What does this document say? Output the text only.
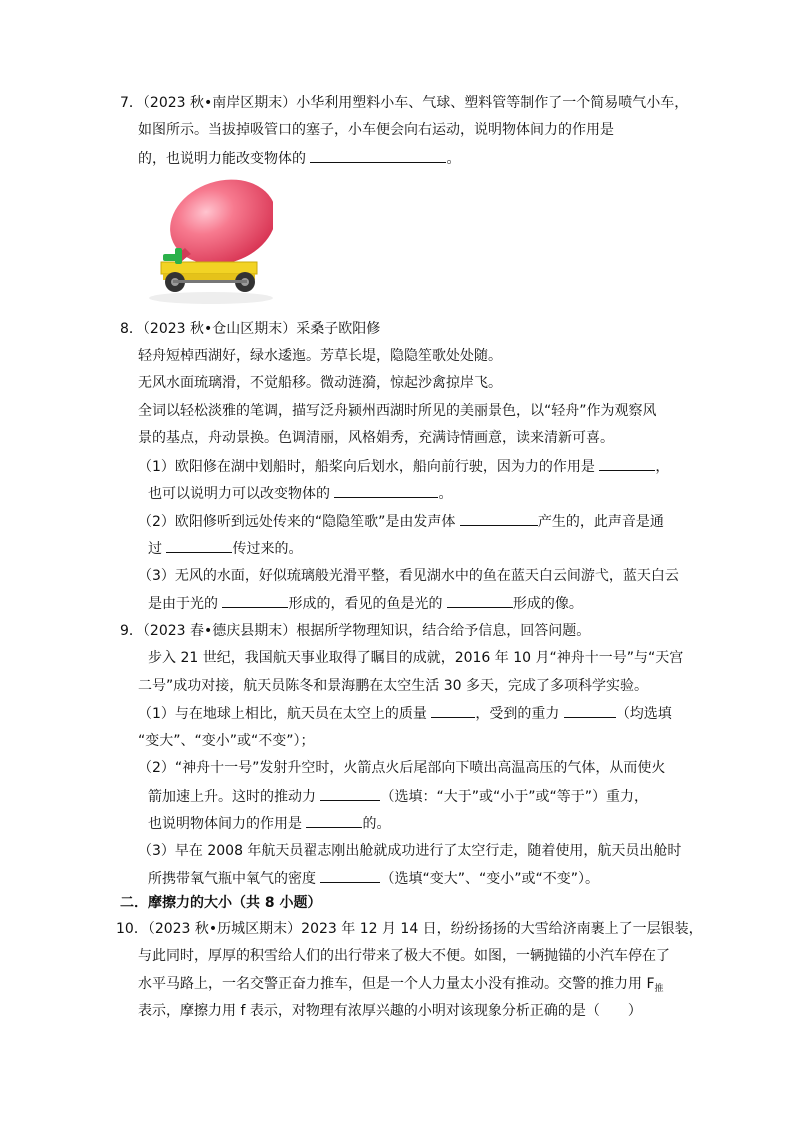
7．（2023 秋•南岸区期末）小华利用塑料小车、气球、塑料管等制作了一个简易喷气小车，
如图所示。当拔掉吸管口的塞子，小车便会向右运动，说明物体间力的作用是
的，也说明力能改变物体的	。
8．（2023 秋•仓山区期末）采桑子欧阳修
轻舟短棹西湖好，绿水逶迤。芳草长堤，隐隐笙歌处处随。
无风水面琉璃滑，不觉船移。微动涟漪，惊起沙禽掠岸飞。
全词以轻松淡雅的笔调，描写泛舟颍州西湖时所见的美丽景色，以“轻舟”作为观察风
景的基点，舟动景换。色调清丽，风格娟秀，充满诗情画意，读来清新可喜。
（1）欧阳修在湖中划船时，船桨向后划水，船向前行驶，因为力的作用是	，
也可以说明力可以改变物体的	。
（2）欧阳修听到远处传来的“隐隐笙歌”是由发声体	产生的，此声音是通
过	传过来的。
（3）无风的水面，好似琉璃般光滑平整，看见湖水中的鱼在蓝天白云间游弋，蓝天白云
是由于光的	形成的，看见的鱼是光的	形成的像。
9．（2023 春•德庆县期末）根据所学物理知识，结合给予信息，回答问题。
步入 21 世纪，我国航天事业取得了瞩目的成就，2016 年 10 月“神舟十一号”与“天宫
二号”成功对接，航天员陈冬和景海鹏在太空生活 30 多天，完成了多项科学实验。
（1）与在地球上相比，航天员在太空上的质量	，受到的重力	（均选填
“变大”、“变小”或“不变”）；
（2）“神舟十一号”发射升空时，火箭点火后尾部向下喷出高温高压的气体，从而使火
箭加速上升。这时的推动力	（选填：“大于”或“小于”或“等于”）重力，
也说明物体间力的作用是	的。
（3）早在 2008 年航天员翟志刚出舱就成功进行了太空行走，随着使用，航天员出舱时
所携带氧气瓶中氧气的密度	（选填“变大”、“变小”或“不变”）。
二．摩擦力的大小（共 8 小题）
10．（2023 秋•历城区期末）2023 年 12 月 14 日，纷纷扬扬的大雪给济南裹上了一层银装，
与此同时，厚厚的积雪给人们的出行带来了极大不便。如图，一辆抛锚的小汽车停在了
水平马路上，一名交警正奋力推车，但是一个人力量太小没有推动。交警的推力用 $F_推$
表示，摩擦力用 f 表示，对物理有浓厚兴趣的小明对该现象分析正确的是（　　）
